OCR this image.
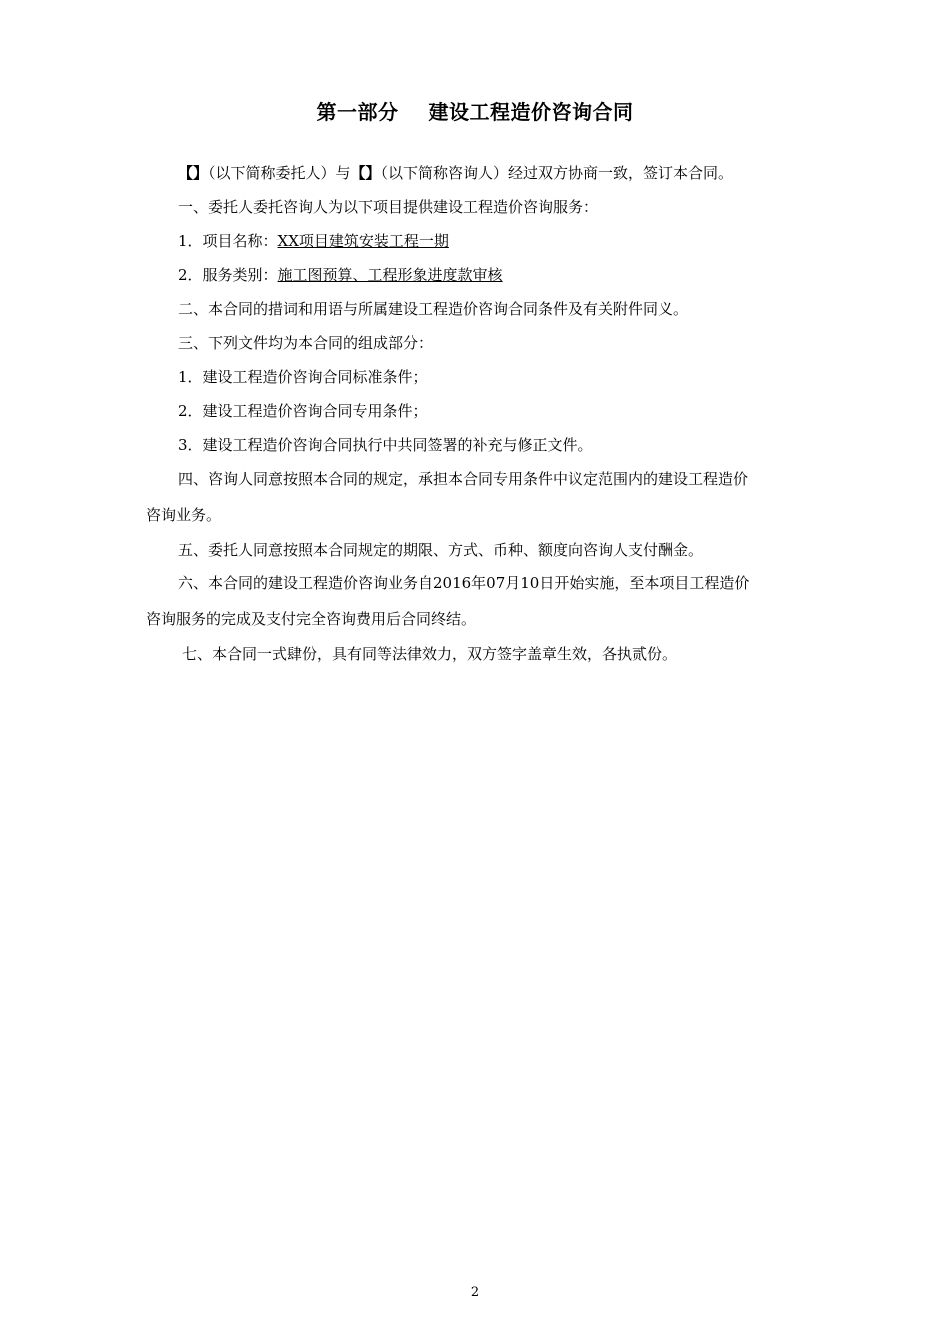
第一部分 建设工程造价咨询合同
【】（以下简称委托人）与【】（以下简称咨询人）经过双方协商一致，签订本合同。
一、委托人委托咨询人为以下项目提供建设工程造价咨询服务：
1．项目名称：XX项目建筑安装工程一期
2．服务类别：施工图预算、工程形象进度款审核
二、本合同的措词和用语与所属建设工程造价咨询合同条件及有关附件同义。
三、下列文件均为本合同的组成部分：
1．建设工程造价咨询合同标准条件；
2．建设工程造价咨询合同专用条件；
3．建设工程造价咨询合同执行中共同签署的补充与修正文件。
四、咨询人同意按照本合同的规定，承担本合同专用条件中议定范围内的建设工程造价
咨询业务。
五、委托人同意按照本合同规定的期限、方式、币种、额度向咨询人支付酬金。
六、本合同的建设工程造价咨询业务自2016年07月10日开始实施，至本项目工程造价
咨询服务的完成及支付完全咨询费用后合同终结。
七、本合同一式肆份，具有同等法律效力，双方签字盖章生效，各执贰份。
2
